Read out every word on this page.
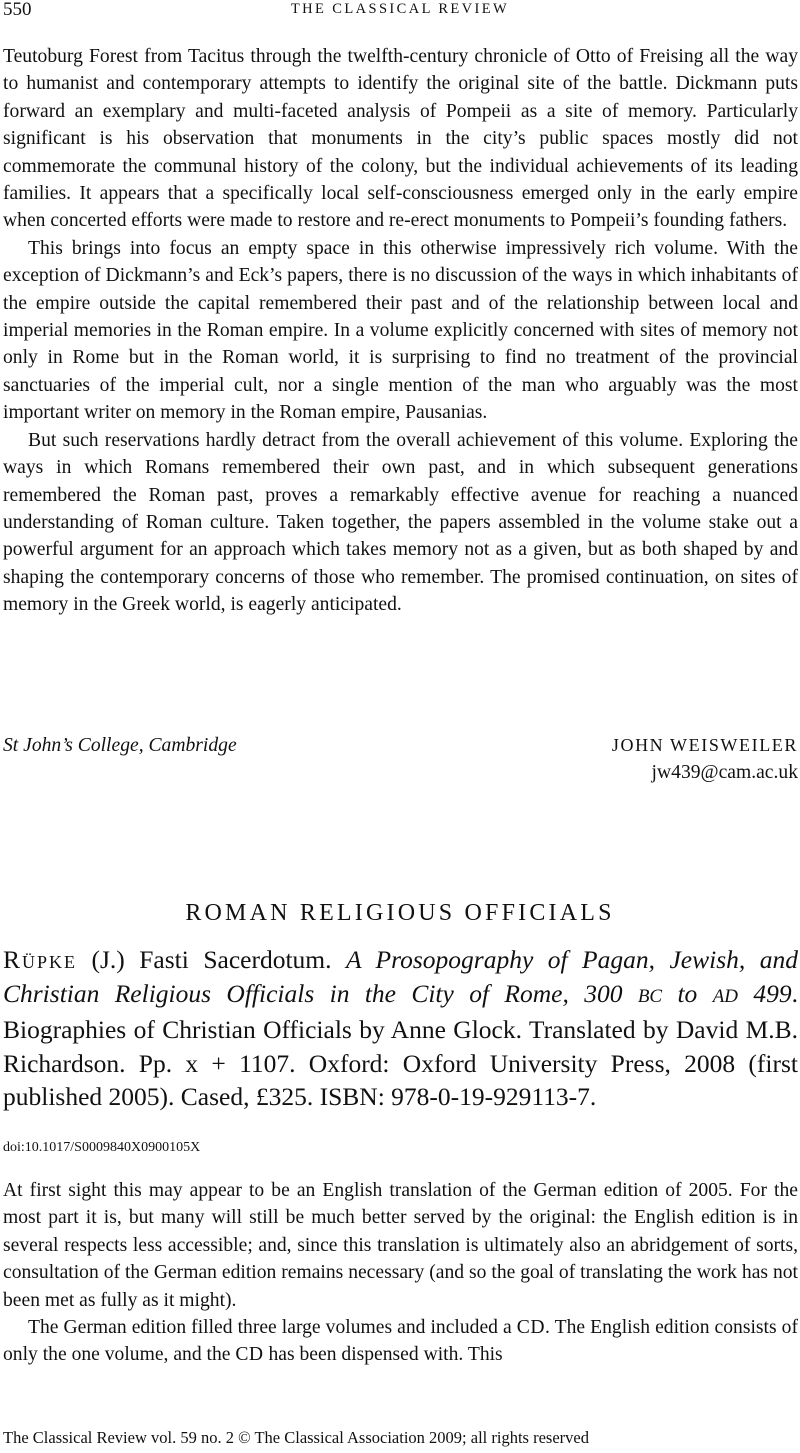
550	THE CLASSICAL REVIEW

Teutoburg Forest from Tacitus through the twelfth-century chronicle of Otto of Freising all the way to humanist and contemporary attempts to identify the original site of the battle. Dickmann puts forward an exemplary and multi-faceted analysis of Pompeii as a site of memory. Particularly significant is his observation that monuments in the city’s public spaces mostly did not commemorate the communal history of the colony, but the individual achievements of its leading families. It appears that a specifically local self-consciousness emerged only in the early empire when concerted efforts were made to restore and re-erect monuments to Pompeii’s founding fathers.

This brings into focus an empty space in this otherwise impressively rich volume. With the exception of Dickmann’s and Eck’s papers, there is no discussion of the ways in which inhabitants of the empire outside the capital remembered their past and of the relationship between local and imperial memories in the Roman empire. In a volume explicitly concerned with sites of memory not only in Rome but in the Roman world, it is surprising to find no treatment of the provincial sanctuaries of the imperial cult, nor a single mention of the man who arguably was the most important writer on memory in the Roman empire, Pausanias.

But such reservations hardly detract from the overall achievement of this volume. Exploring the ways in which Romans remembered their own past, and in which subsequent generations remembered the Roman past, proves a remarkably effective avenue for reaching a nuanced understanding of Roman culture. Taken together, the papers assembled in the volume stake out a powerful argument for an approach which takes memory not as a given, but as both shaped by and shaping the contemporary concerns of those who remember. The promised continuation, on sites of memory in the Greek world, is eagerly anticipated.

St John’s College, Cambridge	JOHN WEISWEILER
jw439@cam.ac.uk
ROMAN RELIGIOUS OFFICIALS

Rüpke (J.) Fasti Sacerdotum. A Prosopography of Pagan, Jewish, and Christian Religious Officials in the City of Rome, 300 BC to AD 499. Biographies of Christian Officials by Anne Glock. Translated by David M.B. Richardson. Pp. x + 1107. Oxford: Oxford University Press, 2008 (first published 2005). Cased, £325. ISBN: 978-0-19-929113-7.

doi:10.1017/S0009840X0900105X

At first sight this may appear to be an English translation of the German edition of 2005. For the most part it is, but many will still be much better served by the original: the English edition is in several respects less accessible; and, since this translation is ultimately also an abridgement of sorts, consultation of the German edition remains necessary (and so the goal of translating the work has not been met as fully as it might).

The German edition filled three large volumes and included a CD. The English edition consists of only the one volume, and the CD has been dispensed with. This

The Classical Review vol. 59 no. 2 © The Classical Association 2009; all rights reserved
